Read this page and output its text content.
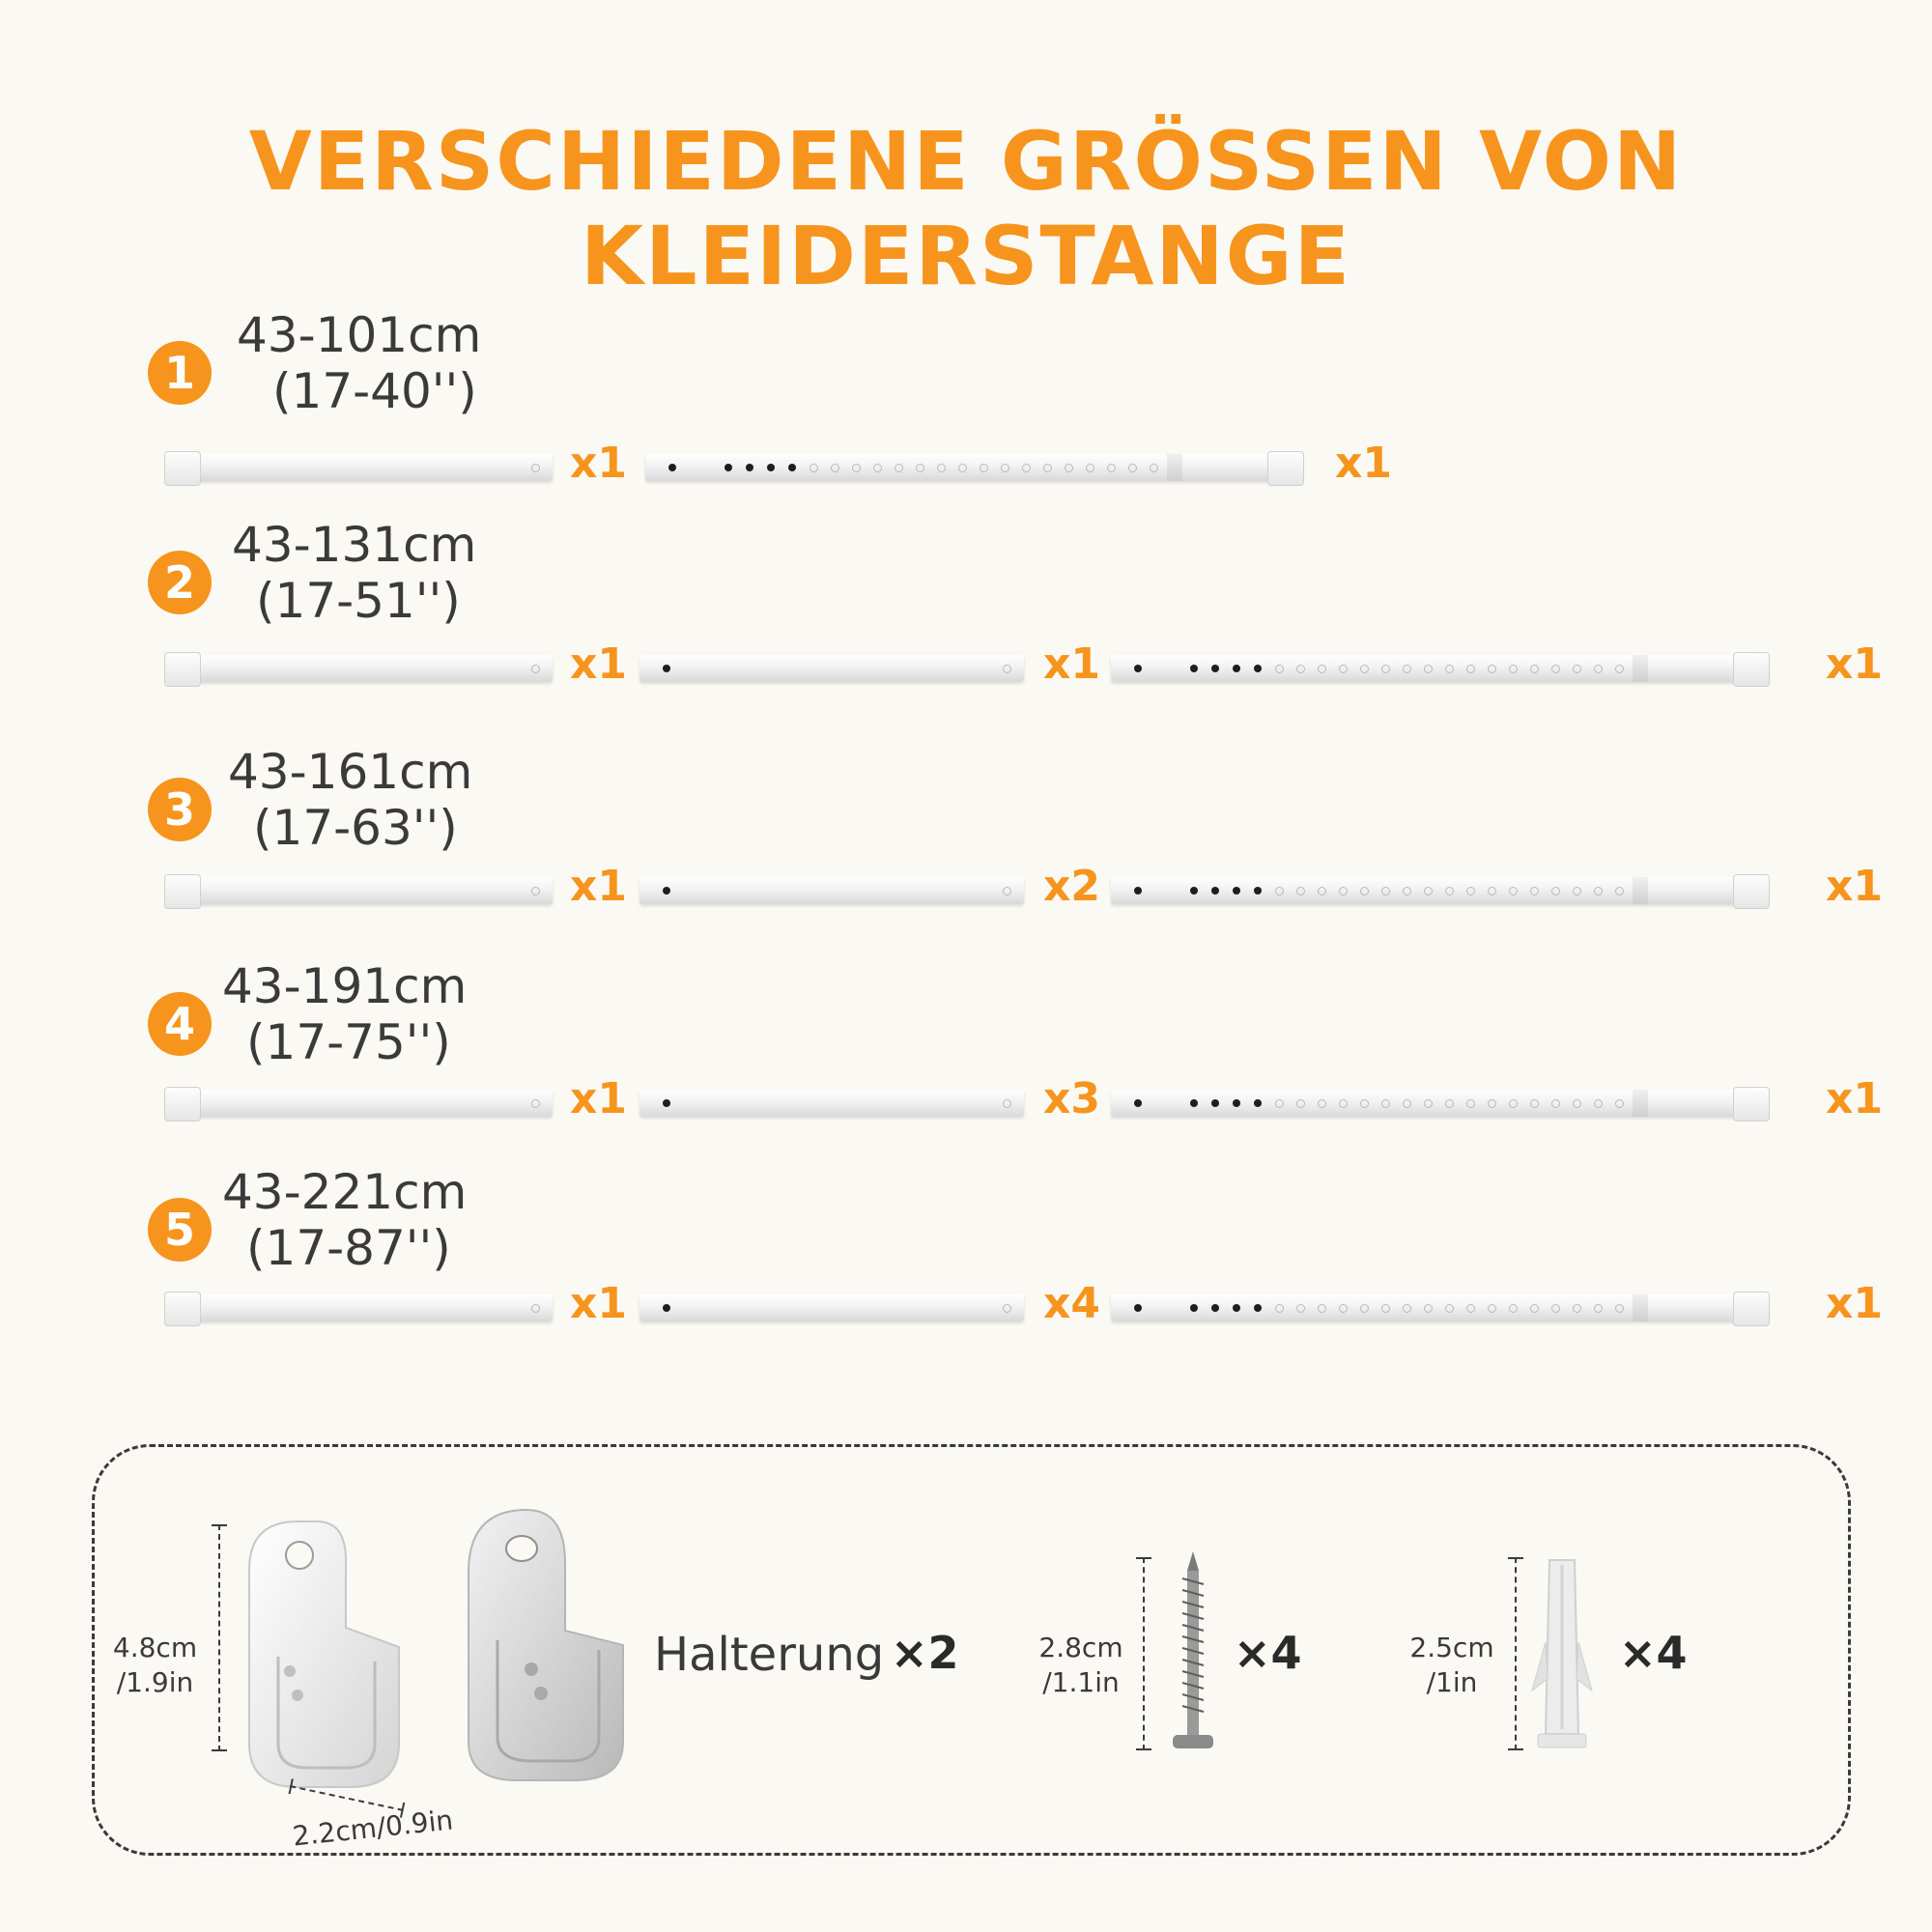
VERSCHIEDENE GRÖSSEN VON KLEIDERSTANGE
1
43-101cm
(17-40'')
x1	x1
2
43-131cm
(17-51'')
x1	x1	x1
3
43-161cm
(17-63'')
x1	x2	x1
4
43-191cm
(17-75'')
x1	x3	x1
5
43-221cm
(17-87'')
x1	x4	x1
4.8cm
/1.9in
2.2cm/0.9in
Halterung ×2	2.8cm
/1.1in
×4	2.5cm
/1in
×4
